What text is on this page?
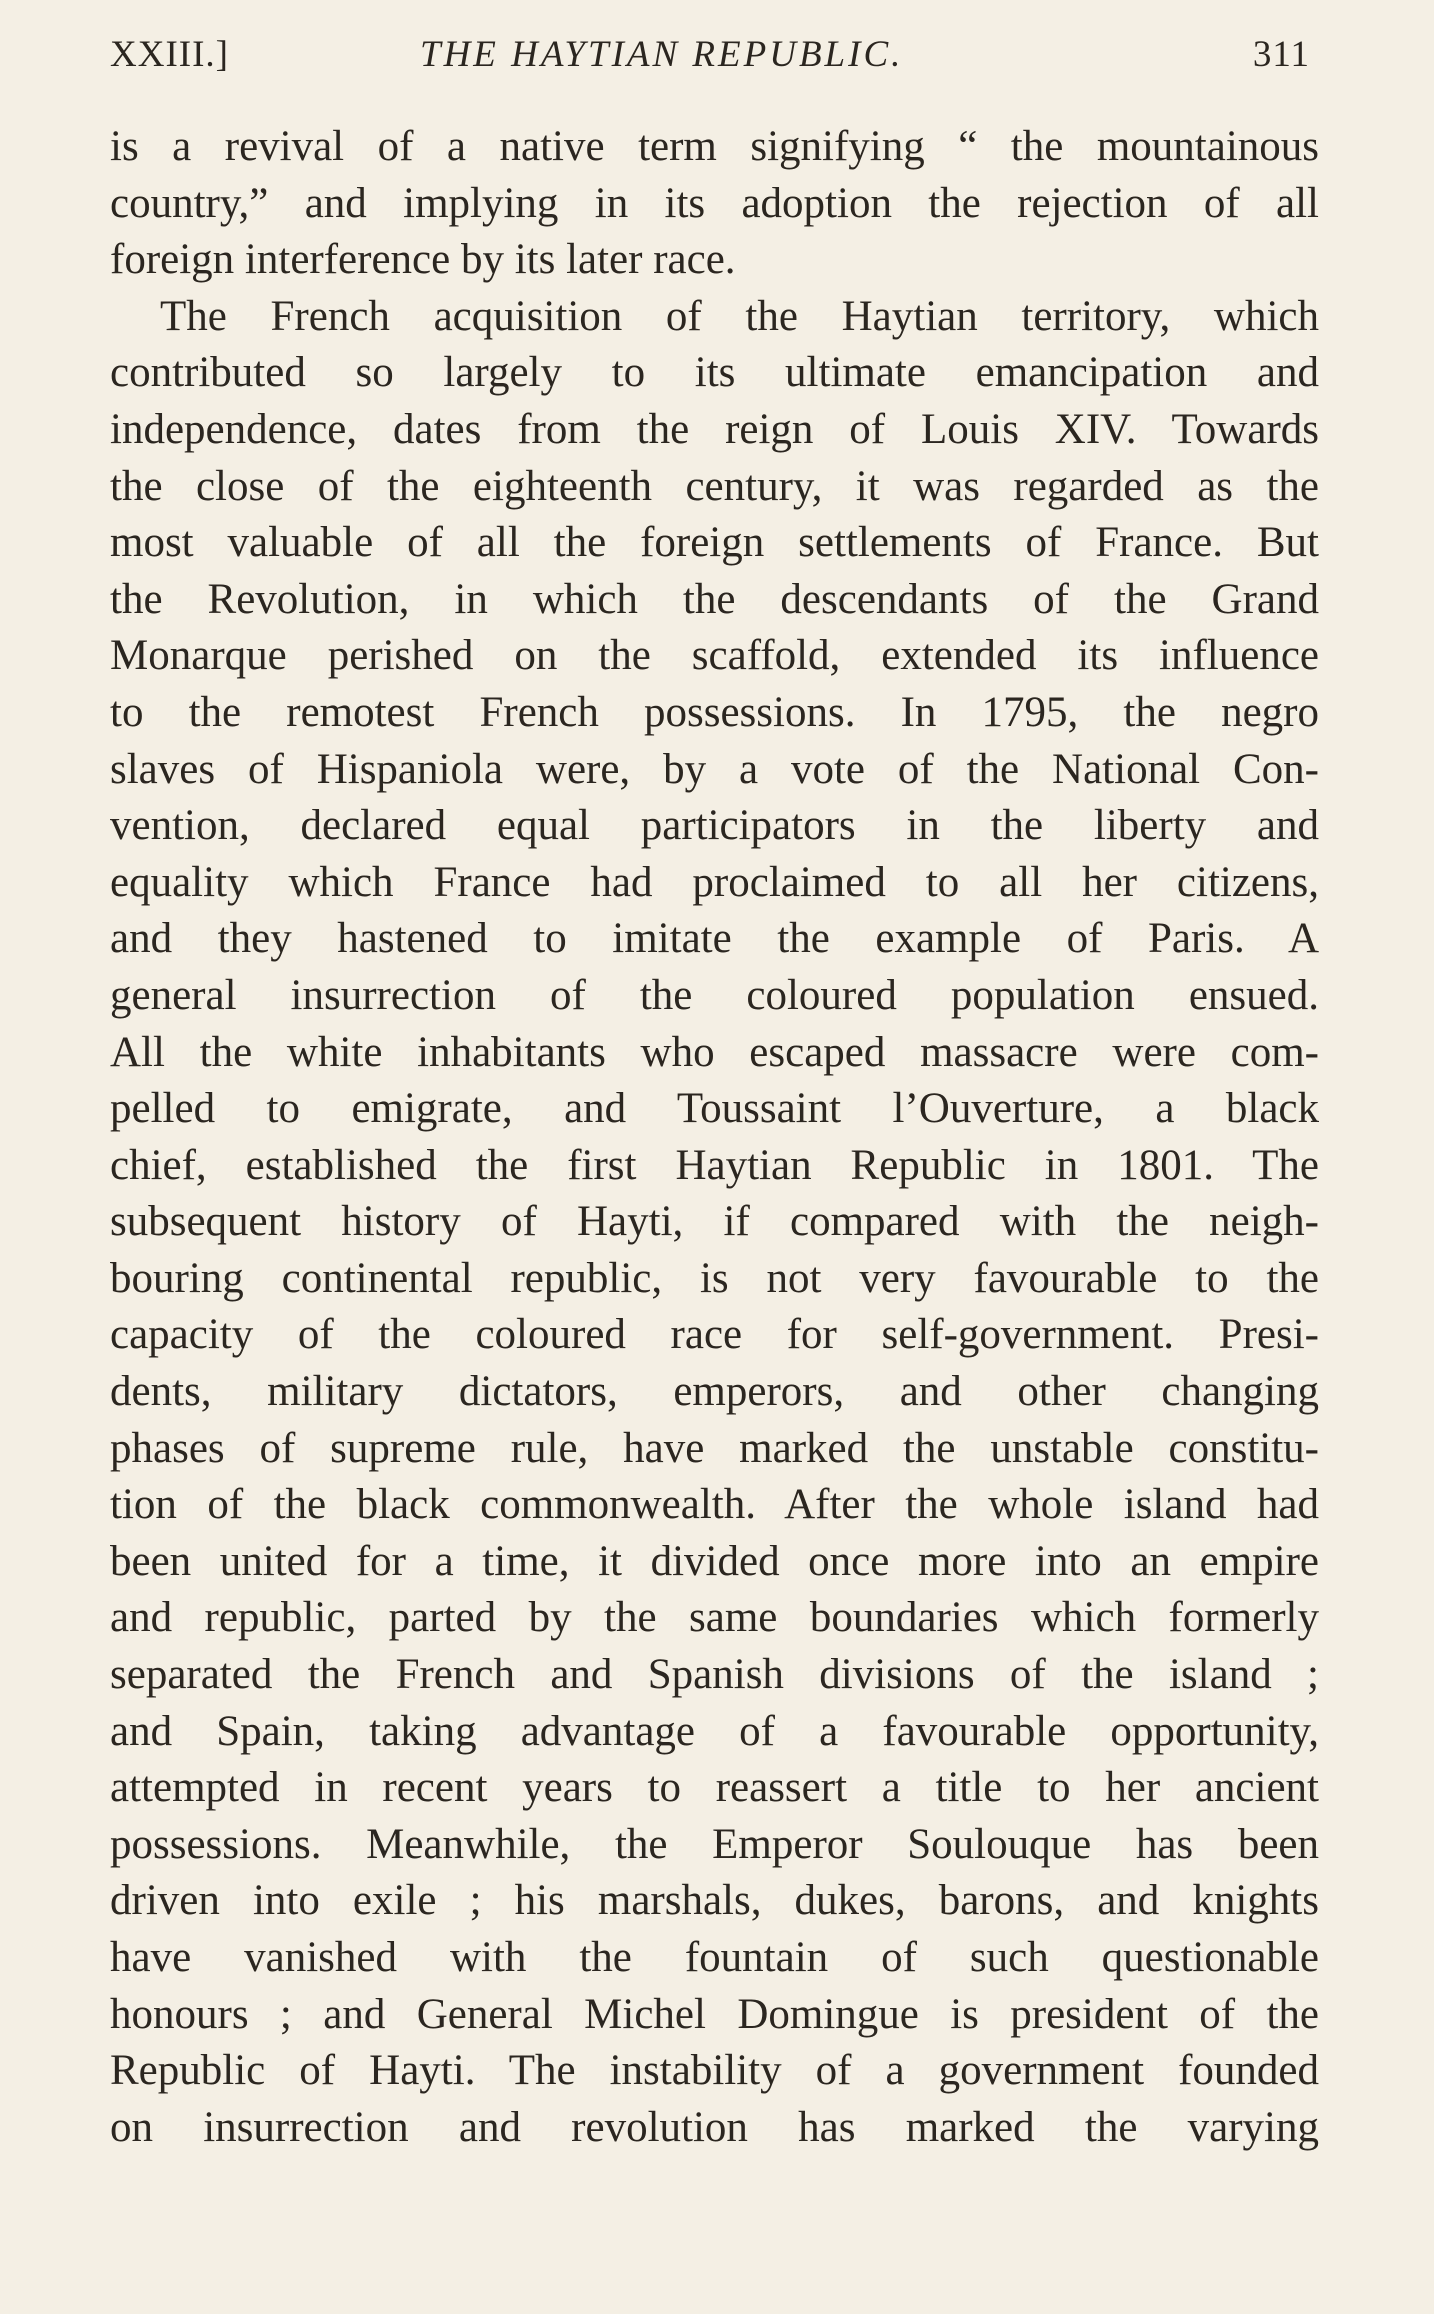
XXIII.]	THE HAYTIAN REPUBLIC.	311
is a revival of a native term signifying “ the mountainous
country,” and implying in its adoption the rejection of all
foreign interference by its later race.
The French acquisition of the Haytian territory, which
contributed so largely to its ultimate emancipation and
independence, dates from the reign of Louis XIV. Towards
the close of the eighteenth century, it was regarded as the
most valuable of all the foreign settlements of France. But
the Revolution, in which the descendants of the Grand
Monarque perished on the scaffold, extended its influence
to the remotest French possessions. In 1795, the negro
slaves of Hispaniola were, by a vote of the National Con-
vention, declared equal participators in the liberty and
equality which France had proclaimed to all her citizens,
and they hastened to imitate the example of Paris. A
general insurrection of the coloured population ensued.
All the white inhabitants who escaped massacre were com-
pelled to emigrate, and Toussaint l’Ouverture, a black
chief, established the first Haytian Republic in 1801. The
subsequent history of Hayti, if compared with the neigh-
bouring continental republic, is not very favourable to the
capacity of the coloured race for self-government. Presi-
dents, military dictators, emperors, and other changing
phases of supreme rule, have marked the unstable constitu-
tion of the black commonwealth. After the whole island had
been united for a time, it divided once more into an empire
and republic, parted by the same boundaries which formerly
separated the French and Spanish divisions of the island ;
and Spain, taking advantage of a favourable opportunity,
attempted in recent years to reassert a title to her ancient
possessions. Meanwhile, the Emperor Soulouque has been
driven into exile ; his marshals, dukes, barons, and knights
have vanished with the fountain of such questionable
honours ; and General Michel Domingue is president of the
Republic of Hayti. The instability of a government founded
on insurrection and revolution has marked the varying
